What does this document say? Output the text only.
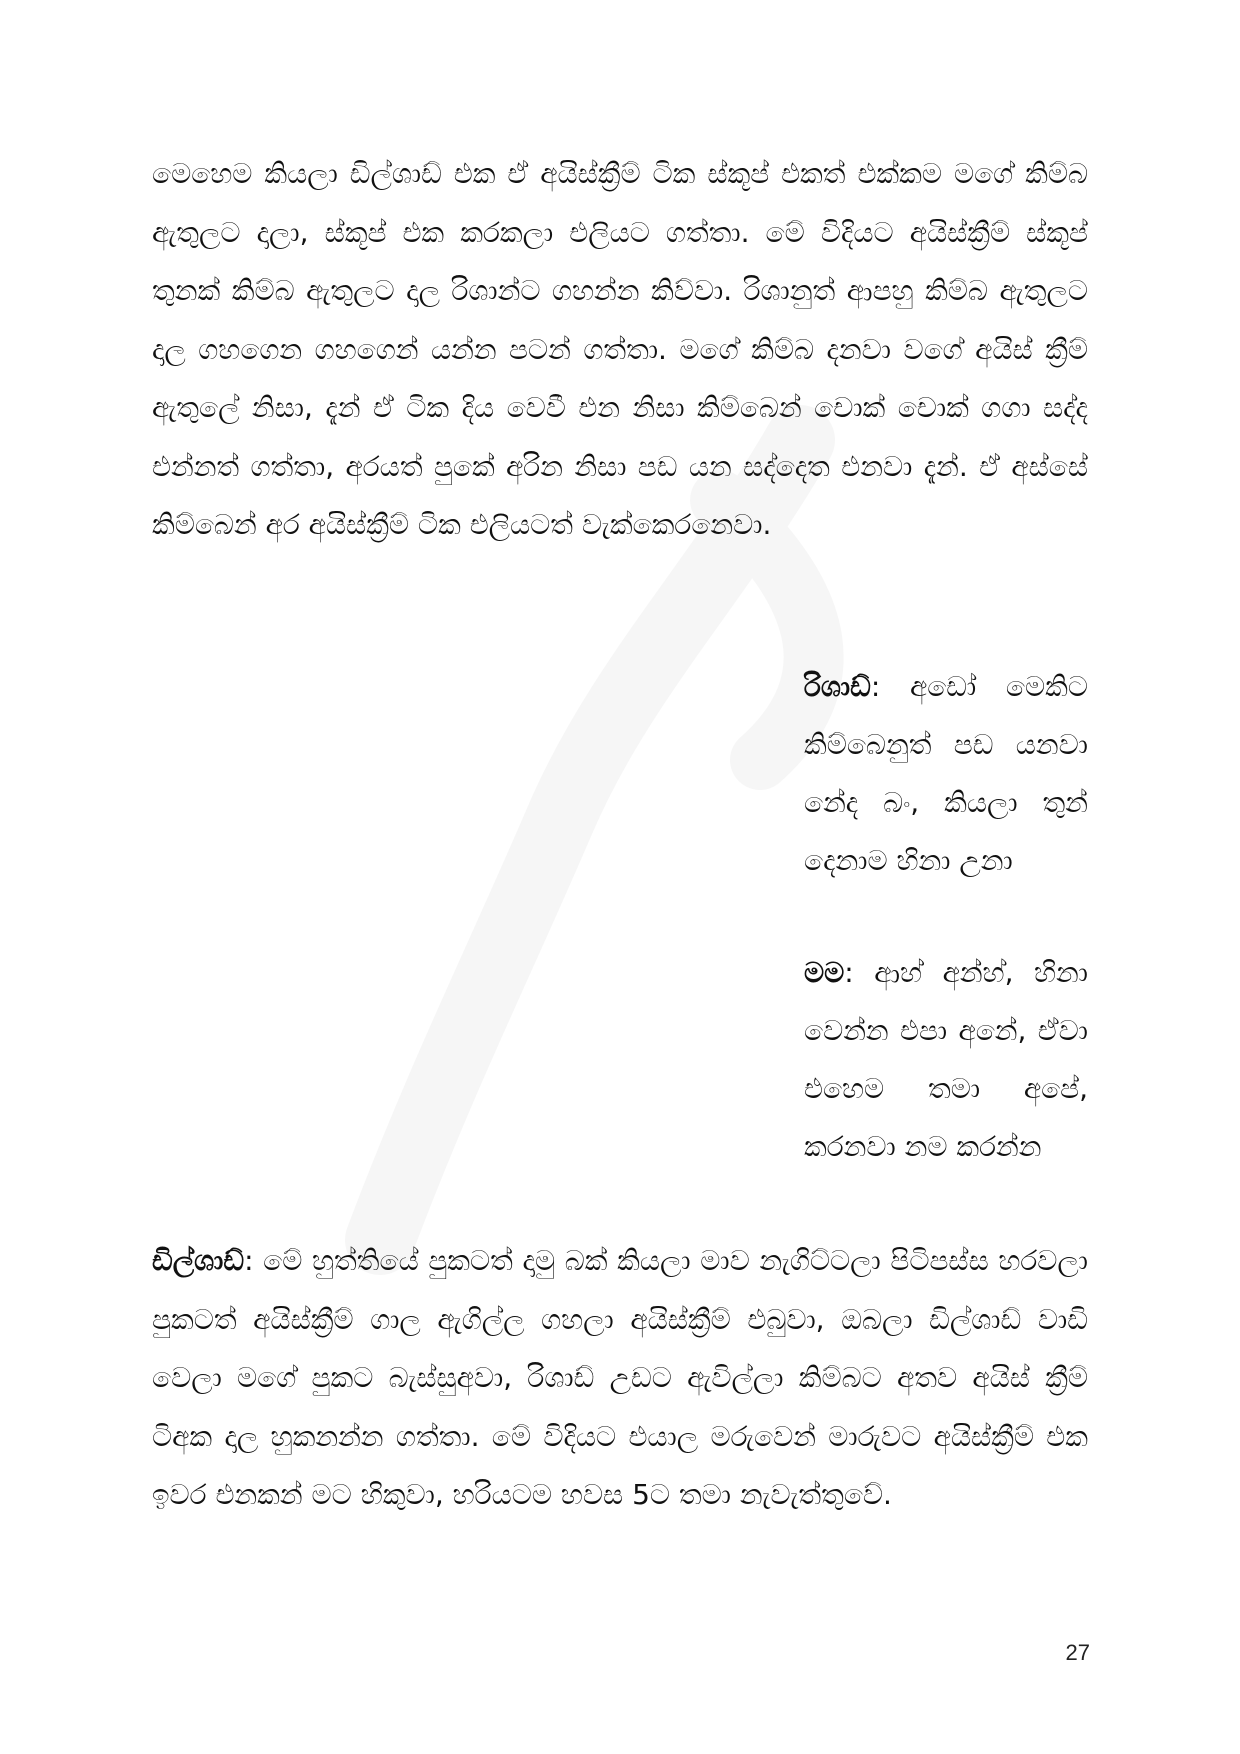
මෙහෙම කියලා ඩිල්ශාඩ් එක ඒ අයිස්ක්‍රීම් ටික ස්කූප් එකත් එක්කම මගේ කිම්බ ඇතුලට දාලා, ස්කූප් එක කරකලා එලියට ගත්තා. මේ විදියට අයිස්ක්‍රීම් ස්කූප් තුනක් කිම්බ ඇතුලට දාල රිශාන්ට ගහන්න කිව්වා. රිශානුත් ආපහු කිම්බ ඇතුලට දාල ගහගෙන ගහගෙන් යන්න පටන් ගත්තා. මගේ කිම්බ දනවා වගේ අයිස් ක්‍රීම් ඇතුලේ නිසා, දැන් ඒ ටික දිය වෙවී එන නිසා කිම්බෙන් චොක් චොක් ගගා සද්ද එන්නත් ගත්තා, අරයත් පුකේ අරින නිසා පඩ යන සද්දෙත එනවා දැන්. ඒ අස්සේ කිම්බෙන් අර අයිස්ක්‍රීම් ටික එලියටත් වැක්කෙරනෙවා.

රිශාඩ්: අඩෝ මෙකිට කිම්බෙනුත් පඩ යනවා නේද බං, කියලා තුන් දෙනාම හිනා උනා

මම: ආහ් අන්හ්, හිනා වෙන්න එපා අනේ, ඒවා එහෙම තමා අපේ, කරනවා නම කරන්න

ඩිල්ශාඩ්: මේ හුත්තියේ පුකටත් දාමු බක් කියලා මාව නැගිට්ටලා පිටිපස්ස හරවලා පුකටත් අයිස්ක්‍රීම් ගාල ඇගිල්ල ගහලා අයිස්ක්‍රීම් එබුවා, ඔබලා ඩිල්ශාඩ් වාඩි වෙලා මගේ පුකට බැස්සුඅවා, රිශාඩ් උඩට ඇවිල්ලා කිම්බට අතව අයිස් ක්‍රීම් ටිඅක දාල හුකනන්න ගත්තා. මේ විදියට එයාල මරුවෙන් මාරුවට අයිස්ක්‍රීම් එක ඉවර එනකන් මට හිකුවා, හරියටම හවස 5ට තමා නැවැත්තුවේ.

27
